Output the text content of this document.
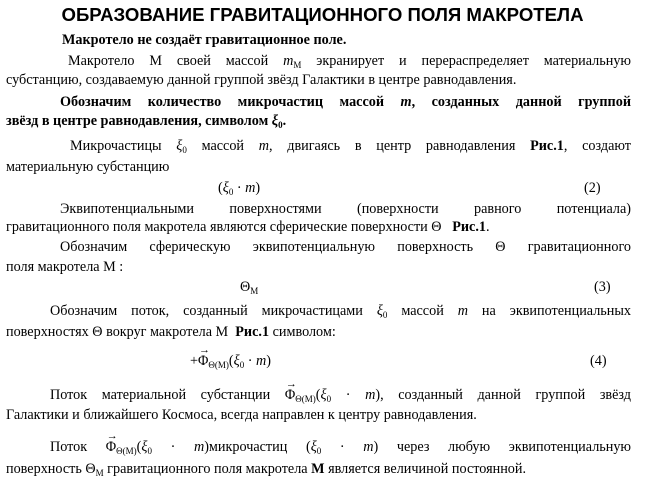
ОБРАЗОВАНИЕ ГРАВИТАЦИОННОГО ПОЛЯ МАКРОТЕЛА
Макротело не создаёт гравитационное поле.
Макротело М своей массой $m_М$ экранирует и перераспределяет материальную
субстанцию, создаваемую данной группой звёзд Галактики в центре равнодавления.
Обозначим количество микрочастиц массой m, созданных данной группой
звёзд в центре равнодавления, символом $\xi_0$.
Микрочастицы $\xi_0$ массой m, двигаясь в центр равнодавления Рис.1, создают
материальную субстанцию
$(\xi_0 \cdot m)$	(2)
Эквипотенциальными поверхностями (поверхности равного потенциала)
гравитационного поля макротела являются сферические поверхности Θ Рис.1.
Обозначим сферическую эквипотенциальную поверхность Θ гравитационного
поля макротела М :
$\Theta_М$	(3)
Обозначим поток, созданный микрочастицами $\xi_0$ массой m на эквипотенциальных
поверхностях Θ вокруг макротела М Рис.1 символом:
+→ $\Phi_{\Theta(М)}(\xi_0 \cdot m)$	(4)
Поток материальной субстанции → $\Phi_{\Theta(М)}(\xi_0 \cdot m)$, созданный данной группой звёзд
Галактики и ближайшего Космоса, всегда направлен к центру равнодавления.
Поток → $\Phi_{\Theta(М)}(\xi_0$ · m)микрочастиц $(\xi_0 \cdot m)$ через любую эквипотенциальную
поверхность $\Theta_М$ гравитационного поля макротела М является величиной постоянной.
